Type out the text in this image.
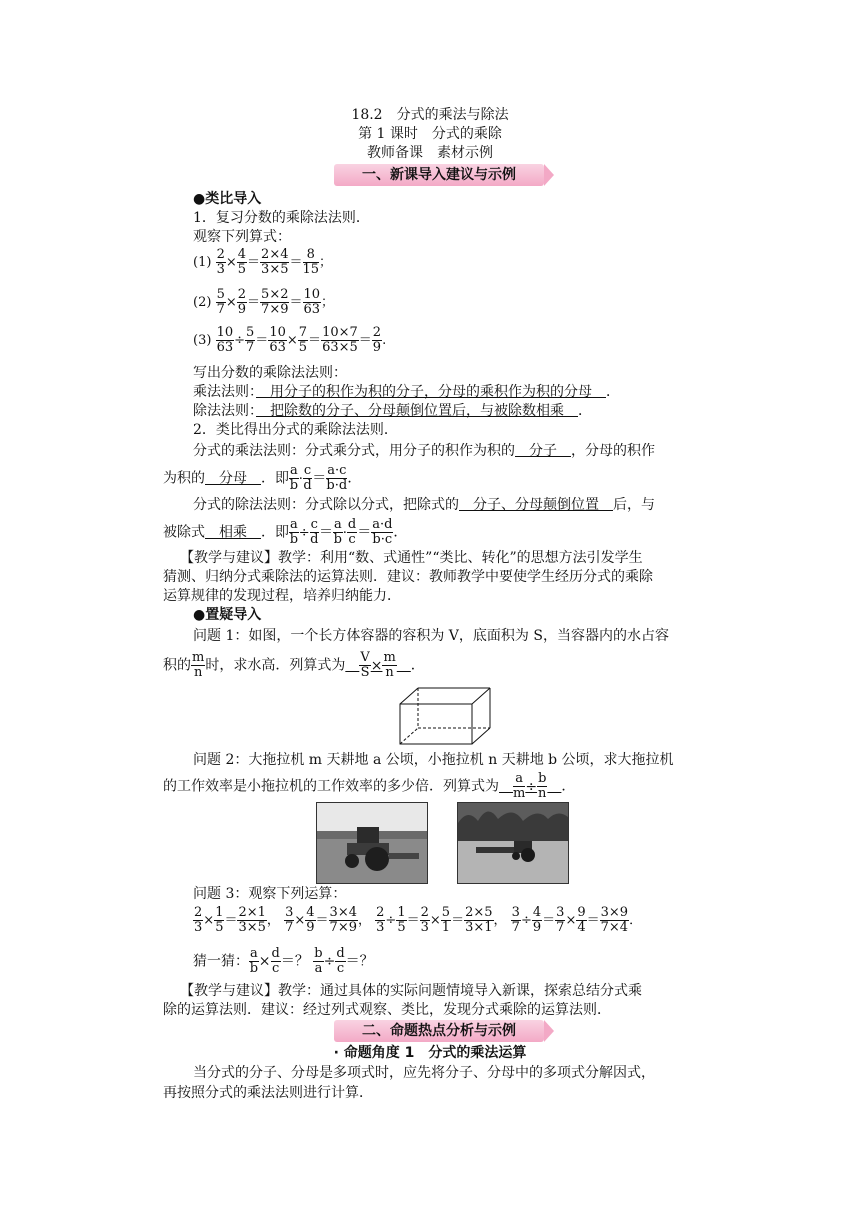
18.2　分式的乘法与除法
第 1 课时　分式的乘除
教师备课　素材示例
一、新课导入建议与示例
●类比导入
1．复习分数的乘除法法则．
观察下列算式：
$(1) \frac{2}{3} \times \frac{4}{5} = \frac{2\times 4}{3\times 5} = \frac{8}{15}$ ；
$(2) \frac{5}{7} \times \frac{2}{9} = \frac{5\times 2}{7\times 9} = \frac{10}{63}$ ；
$(3) \frac{10}{63} \div \frac{5}{7} = \frac{10}{63} \times \frac{7}{5} = \frac{10\times 7}{63\times 5} = \frac{2}{9}$ .
写出分数的乘除法法则：
乘法法则：　用分子的积作为积的分子，分母的乘积作为积的分母　．
除法法则：　把除数的分子、分母颠倒位置后，与被除数相乘　．
2．类比得出分式的乘除法法则．
分式的乘法法则：分式乘分式，用分子的积作为积的　分子　，分母的积作
为积的　分母　．即 $\frac{a}{b} \cdot \frac{c}{d} = \frac{a\cdot c}{b\cdot d}$ ．
分式的除法法则：分式除以分式，把除式的　分子、分母颠倒位置　后，与
被除式　相乘　．即 $\frac{a}{b} \div \frac{c}{d} = \frac{a}{b} \cdot \frac{d}{c} = \frac{a\cdot d}{b\cdot c}$ ．
【教学与建议】教学：利用“数、式通性”“类比、转化”的思想方法引发学生
猜测、归纳分式乘除法的运算法则．建议：教师教学中要使学生经历分式的乘除
运算规律的发现过程，培养归纳能力．
●置疑导入
问题 1：如图，一个长方体容器的容积为 V，底面积为 S，当容器内的水占容
积的 $\frac{m}{n}$ 时，求水高．列算式为　 $\frac{V}{S} \times \frac{m}{n}$
　 ．
问题 2：大拖拉机 m 天耕地 a 公顷，小拖拉机 n 天耕地 b 公顷，求大拖拉机
的工作效率是小拖拉机的工作效率的多少倍．列算式为　 $\frac{a}{m} \div \frac{b}{n}$
　 ．
问题 3：观察下列运算：
$\frac{2}{3} \times \frac{1}{5} = \frac{2\times 1}{3\times 5}$ ， $\frac{3}{7} \times \frac{4}{9} = \frac{3\times 4}{7\times 9}$ ， $\frac{2}{3} \div \frac{1}{5} = \frac{2}{3} \times \frac{5}{1} = \frac{2\times 5}{3\times 1}$ ， $\frac{3}{7} \div \frac{4}{9} = \frac{3}{7} \times \frac{9}{4} = \frac{3\times 9}{7\times 4}$ ．
猜一猜： $\frac{a}{b} \times \frac{d}{c}$ ＝？ $\frac{b}{a} \div \frac{d}{c}$ ＝？
【教学与建议】教学：通过具体的实际问题情境导入新课，探索总结分式乘
除的运算法则．建议：经过列式观察、类比，发现分式乘除的运算法则．
二、命题热点分析与示例
· 命题角度 1　分式的乘法运算
当分式的分子、分母是多项式时，应先将分子、分母中的多项式分解因式，
再按照分式的乘法法则进行计算．
